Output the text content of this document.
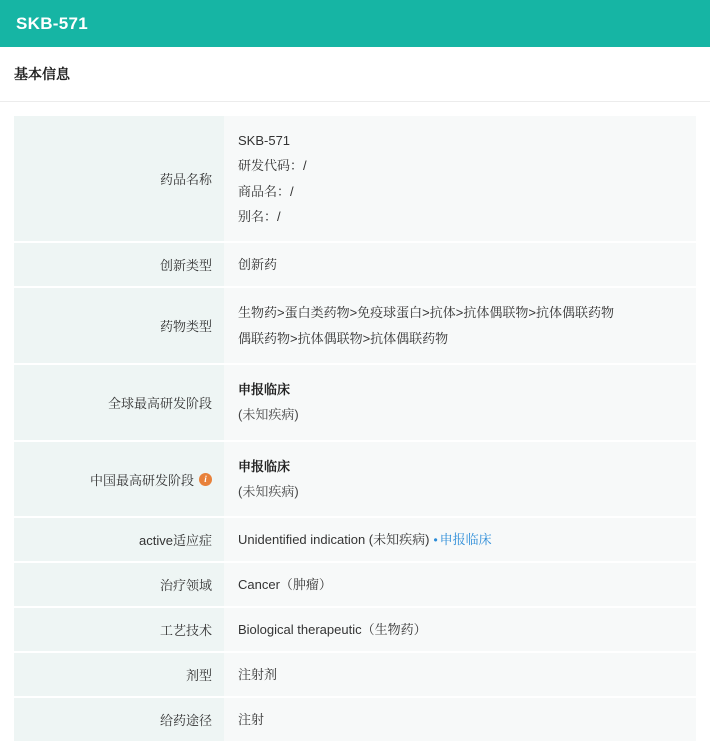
SKB-571
基本信息
药品名称	SKB-571
研发代码：/
商品名：/
别名：/

创新类型	创新药

药物类型	生物药>蛋白类药物>免疫球蛋白>抗体>抗体偶联物>抗体偶联药物
偶联药物>抗体偶联物>抗体偶联药物

全球最高研发阶段	申报临床
(未知疾病)

中国最高研发阶段 i	申报临床
(未知疾病)

active适应症	Unidentified indication (未知疾病) • 申报临床

治疗领域	Cancer（肿瘤）

工艺技术	Biological therapeutic（生物药）

剂型	注射剂

给药途径	注射
